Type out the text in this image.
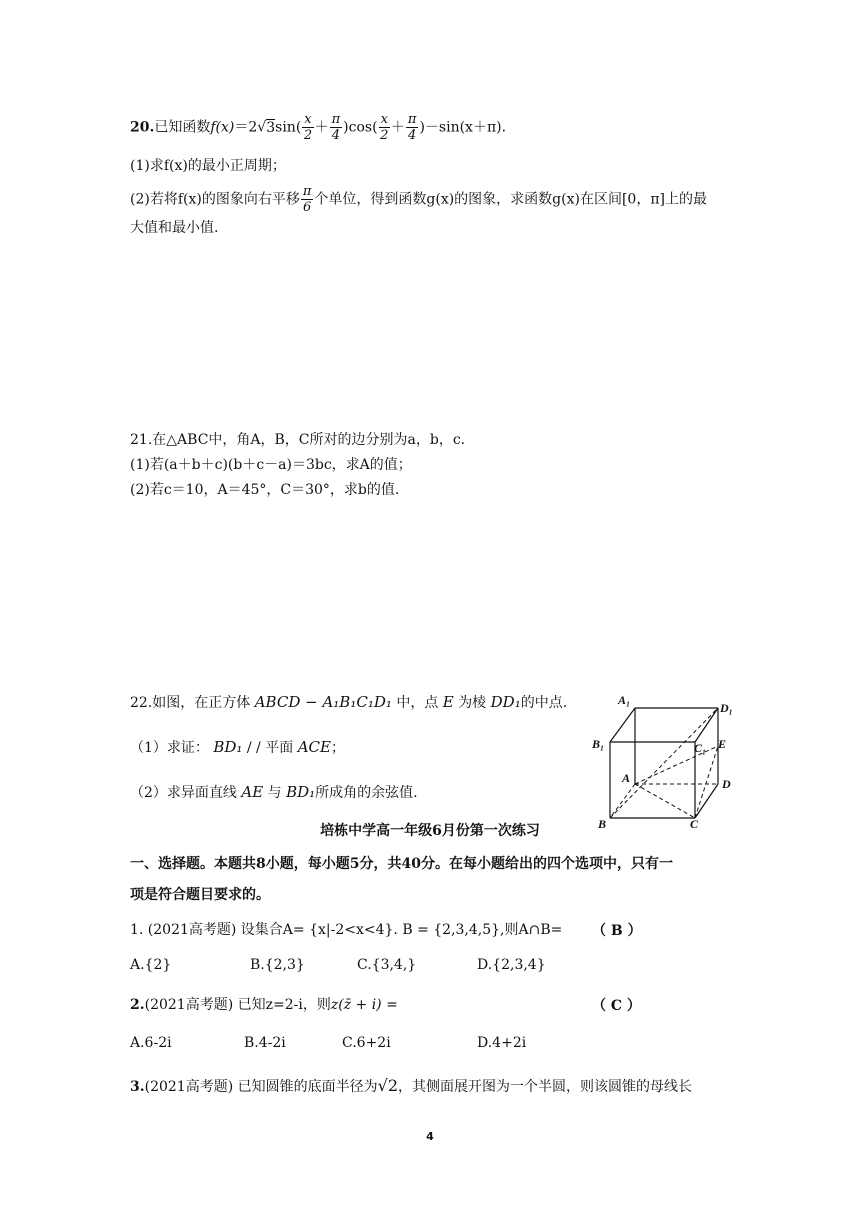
20.已知函数$f(x)=2√3\sin( \frac{x}{2} + \frac{\pi}{4} )\cos( \frac{x}{2} + \frac{\pi}{4} )-\sin(x+\pi)$.
(1)求f(x)的最小正周期；
(2)若将f(x)的图象向右平移 $\frac{\pi}{6}$ 个单位，得到函数g(x)的图象，求函数g(x)在区间[0，π]上的最
大值和最小值.
21.在△ABC中，角A，B，C所对的边分别为a，b，c.
(1)若(a＋b＋c)(b＋c－a)＝3bc，求A的值；
(2)若c＝10，A＝45°，C＝30°，求b的值.
22.如图，在正方体 ABCD − A₁B₁C₁D₁ 中，点 E 为棱 DD₁的中点.
（1）求证： BD₁ / / 平面 ACE；
（2）求异面直线 AE 与 BD₁所成角的余弦值.
A₁
D₁
B₁	C₁ E
A	D
B	C
培栋中学高一年级6月份第一次练习
一、选择题。本题共8小题，每小题5分，共40分。在每小题给出的四个选项中，只有一
项是符合题目要求的。
1. (2021高考题) 设集合A= {x|-2<x<4}. B = {2,3,4,5},则A∩B= （ B ）
A.{2}	B.{2,3}	C.{3,4,}	D.{2,3,4}
2.(2021高考题) 已知z=2-i，则z(z̄ + i) =	（ C ）
A.6-2i	B.4-2i	C.6+2i	D.4+2i
3.(2021高考题) 已知圆锥的底面半径为√2，其侧面展开图为一个半圆，则该圆锥的母线长
4
